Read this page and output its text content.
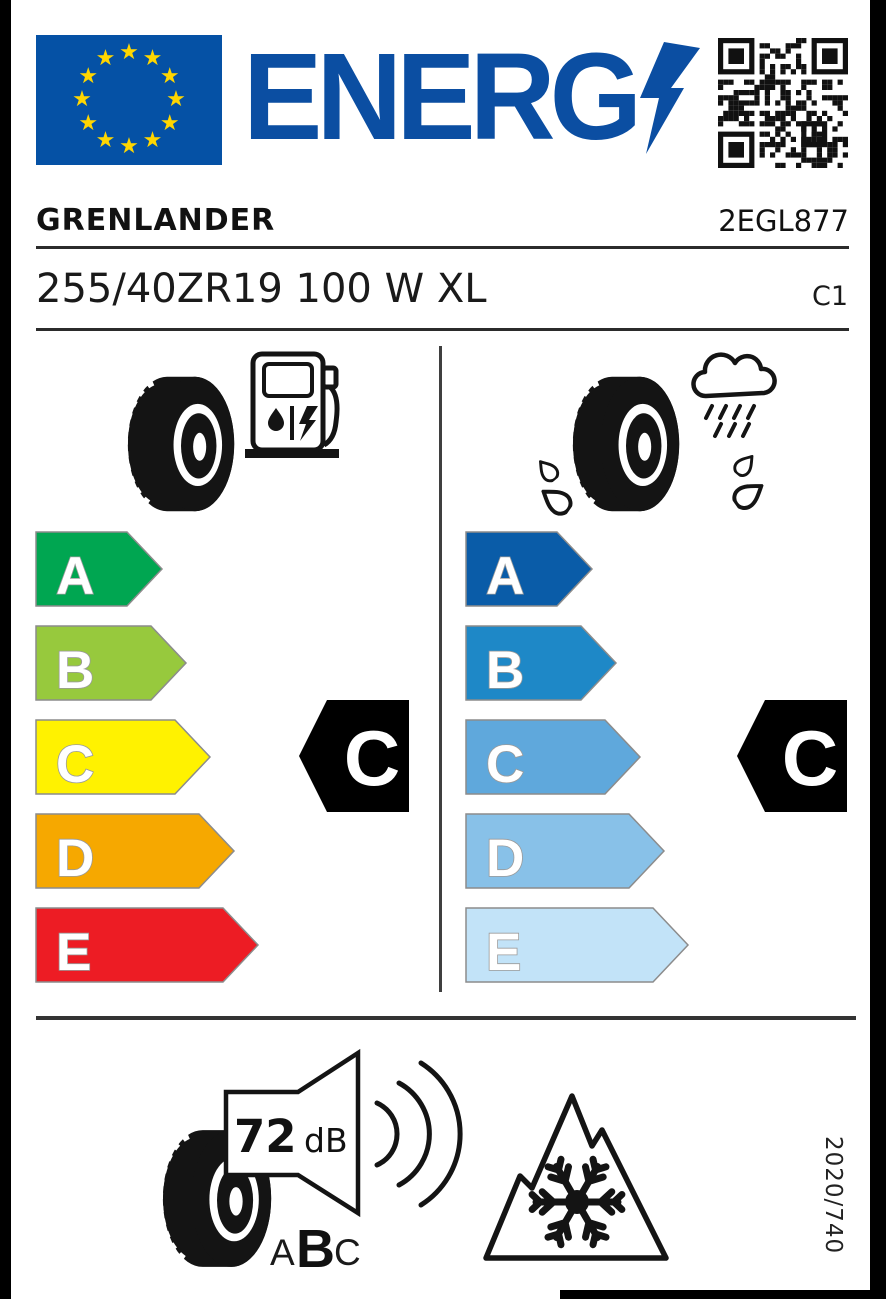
★ ★
★
★
★
★
★
★
★
★
★
★ ENERG
GRENLANDER	2EGL877
255/40ZR19 100 W XL	C1
A
B
C
D
E
A
B
C
D
E
C	C
72 dB
A B C	2020/740
